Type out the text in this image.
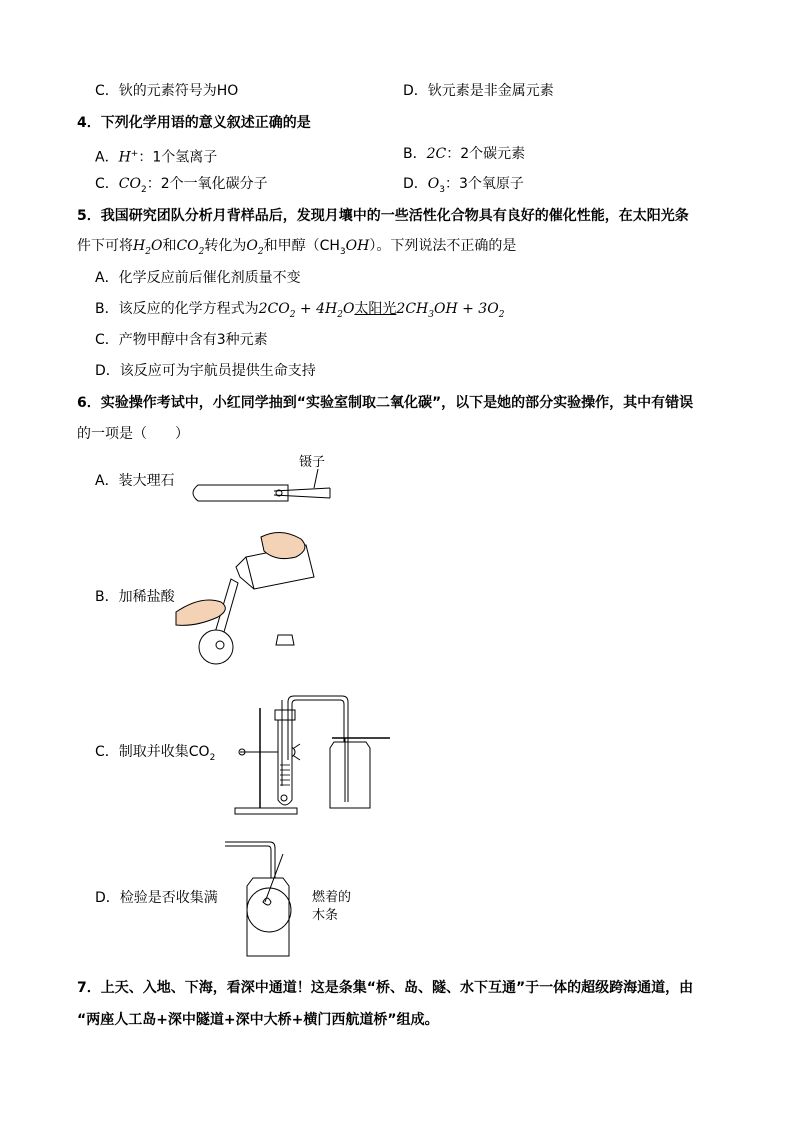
C．钬的元素符号为HO	D．钬元素是非金属元素
4．下列化学用语的意义叙述正确的是
A．H+：1个氢离子	B．2C：2个碳元素
C．$CO_2$：2个一氧化碳分子	D．$O_3$：3个氧原子
5．我国研究团队分析月背样品后，发现月壤中的一些活性化合物具有良好的催化性能，在太阳光条
件下可将$H_2O$和$CO_2$转化为$O_2$和甲醇$(CH_3OH)$。下列说法不正确的是
A．化学反应前后催化剂质量不变
B．该反应的化学方程式为$2CO_2 + 4H_2O$太阳光$2CH_3OH + 3O_2$
C．产物甲醇中含有3种元素
D．该反应可为宇航员提供生命支持
6．实验操作考试中，小红同学抽到“实验室制取二氧化碳”，以下是她的部分实验操作，其中有错误
的一项是（　　）
A．装大理石
镊子
B．加稀盐酸
C．制取并收集$CO_2$
D．检验是否收集满	燃着的
木条
7．上天、入地、下海，看深中通道！这是条集“桥、岛、隧、水下互通”于一体的超级跨海通道，由
“两座人工岛+深中隧道+深中大桥+横门西航道桥”组成。
